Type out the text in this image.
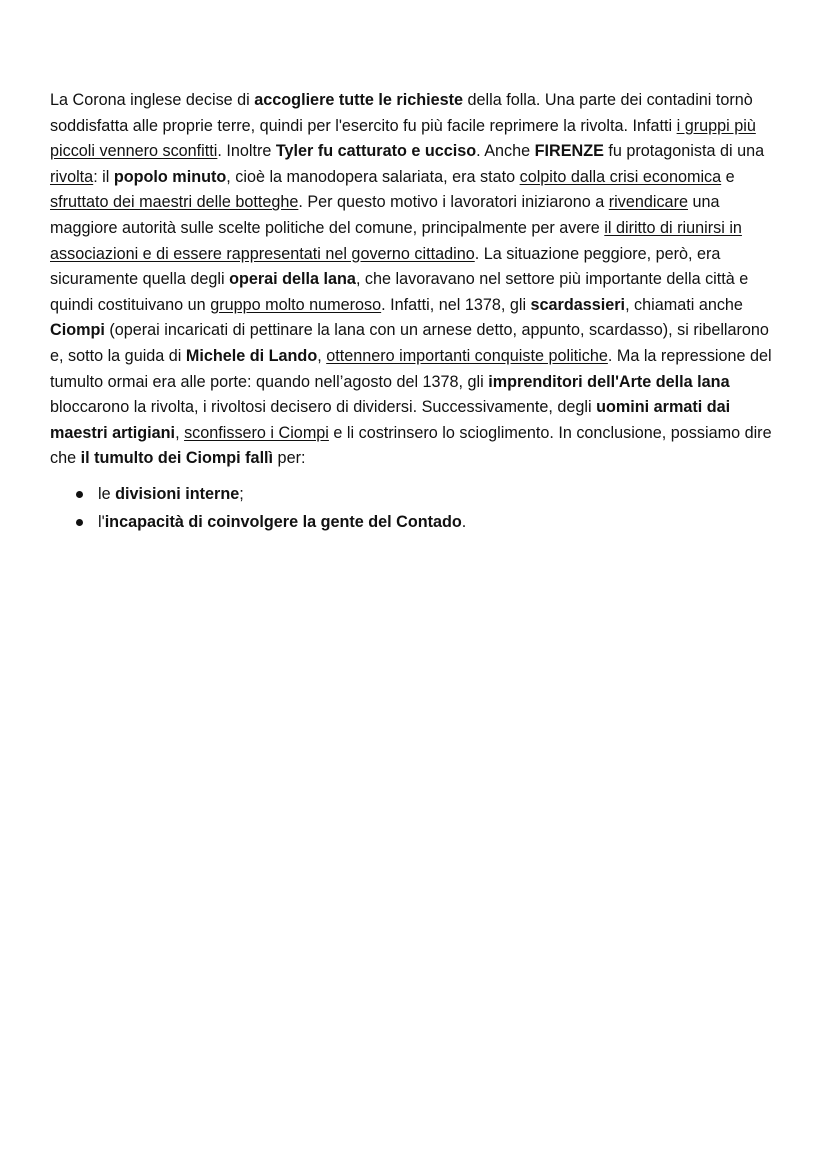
La Corona inglese decise di accogliere tutte le richieste della folla. Una parte dei contadini tornò soddisfatta alle proprie terre, quindi per l'esercito fu più facile reprimere la rivolta. Infatti i gruppi più piccoli vennero sconfitti. Inoltre Tyler fu catturato e ucciso. Anche FIRENZE fu protagonista di una rivolta: il popolo minuto, cioè la manodopera salariata, era stato colpito dalla crisi economica e sfruttato dei maestri delle botteghe. Per questo motivo i lavoratori iniziarono a rivendicare una maggiore autorità sulle scelte politiche del comune, principalmente per avere il diritto di riunirsi in associazioni e di essere rappresentati nel governo cittadino. La situazione peggiore, però, era sicuramente quella degli operai della lana, che lavoravano nel settore più importante della città e quindi costituivano un gruppo molto numeroso. Infatti, nel 1378, gli scardassieri, chiamati anche Ciompi (operai incaricati di pettinare la lana con un arnese detto, appunto, scardasso), si ribellarono e, sotto la guida di Michele di Lando, ottennero importanti conquiste politiche. Ma la repressione del tumulto ormai era alle porte: quando nell’agosto del 1378, gli imprenditori dell'Arte della lana bloccarono la rivolta, i rivoltosi decisero di dividersi. Successivamente, degli uomini armati dai maestri artigiani, sconfissero i Ciompi e li costrinsero lo scioglimento. In conclusione, possiamo dire che il tumulto dei Ciompi fallì per:

le divisioni interne;
l'incapacità di coinvolgere la gente del Contado.
